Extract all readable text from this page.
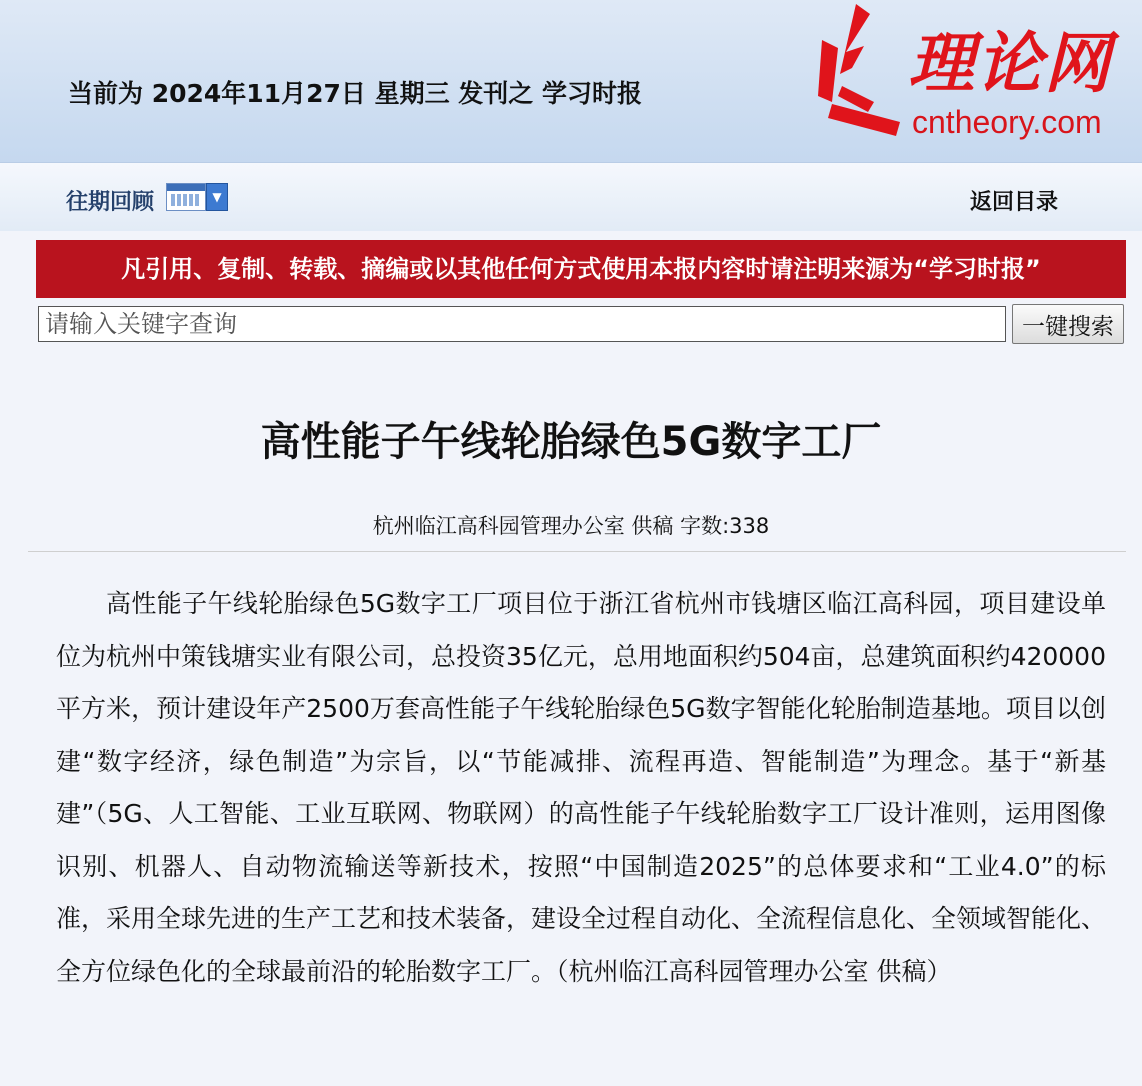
当前为 2024年11月27日 星期三 发刊之 学习时报	理论网
cntheory.com
往期回顾	▼	返回目录
凡引用、复制、转载、摘编或以其他任何方式使用本报内容时请注明来源为“学习时报”
请输入关键字查询
一键搜索
高性能子午线轮胎绿色5G数字工厂
杭州临江高科园管理办公室 供稿 字数:338

高性能子午线轮胎绿色5G数字工厂项目位于浙江省杭州市钱塘区临江高科园，项目建设单位为杭州中策钱塘实业有限公司，总投资35亿元，总用地面积约504亩，总建筑面积约420000平方米，预计建设年产2500万套高性能子午线轮胎绿色5G数字智能化轮胎制造基地。项目以创建“数字经济，绿色制造”为宗旨，以“节能减排、流程再造、智能制造”为理念。基于“新基建”（5G、人工智能、工业互联网、物联网）的高性能子午线轮胎数字工厂设计准则，运用图像识别、机器人、自动物流输送等新技术，按照“中国制造2025”的总体要求和“工业4.0”的标准，采用全球先进的生产工艺和技术装备，建设全过程自动化、全流程信息化、全领域智能化、全方位绿色化的全球最前沿的轮胎数字工厂。（杭州临江高科园管理办公室 供稿）
